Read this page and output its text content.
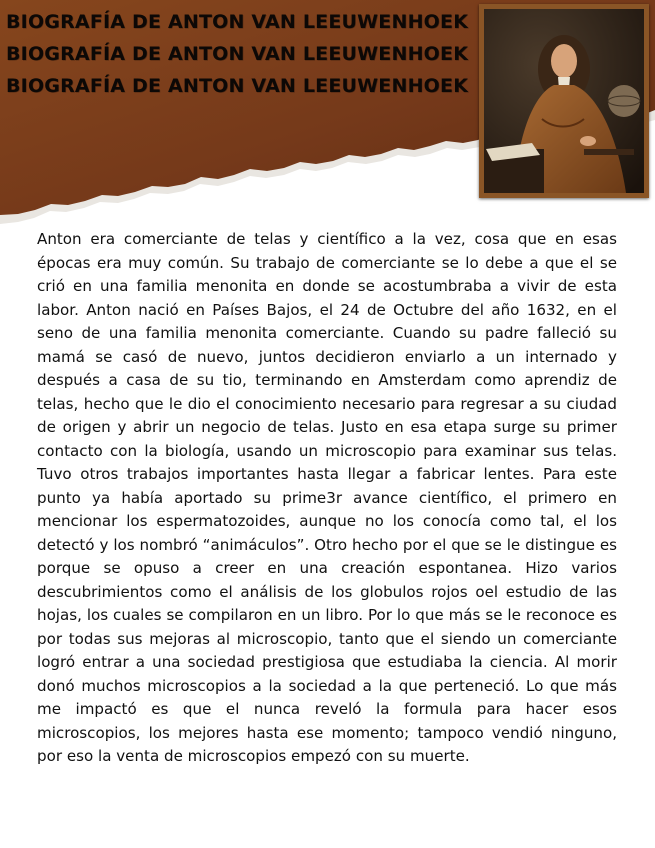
BIOGRAFÍA DE ANTON VAN LEEUWENHOEK
BIOGRAFÍA DE ANTON VAN LEEUWENHOEK
BIOGRAFÍA DE ANTON VAN LEEUWENHOEK

Anton era comerciante de telas y científico a la vez, cosa que en esas épocas era muy común. Su trabajo de comerciante se lo debe a que el se crió en una familia menonita en donde se acostumbraba a vivir de esta labor. Anton nació en Países Bajos, el 24 de Octubre del año 1632, en el seno de una familia menonita comerciante. Cuando su padre falleció su mamá se casó de nuevo, juntos decidieron enviarlo a un internado y después a casa de su tio, terminando en Amsterdam como aprendiz de telas, hecho que le dio el conocimiento necesario para regresar a su ciudad de origen y abrir un negocio de telas. Justo en esa etapa surge su primer contacto con la biología, usando un microscopio para examinar sus telas. Tuvo otros trabajos importantes hasta llegar a fabricar lentes. Para este punto ya había aportado su prime3r avance científico, el primero en mencionar los espermatozoides, aunque no los conocía como tal, el los detectó y los nombró “animáculos”. Otro hecho por el que se le distingue es porque se opuso a creer en una creación espontanea. Hizo varios descubrimientos como el análisis de los globulos rojos oel estudio de las hojas, los cuales se compilaron en un libro. Por lo que más se le reconoce es por todas sus mejoras al microscopio, tanto que el siendo un comerciante logró entrar a una sociedad prestigiosa que estudiaba la ciencia. Al morir donó muchos microscopios a la sociedad a la que perteneció. Lo que más me impactó es que el nunca reveló la formula para hacer esos microscopios, los mejores hasta ese momento; tampoco vendió ninguno, por eso la venta de microscopios empezó con su muerte.
